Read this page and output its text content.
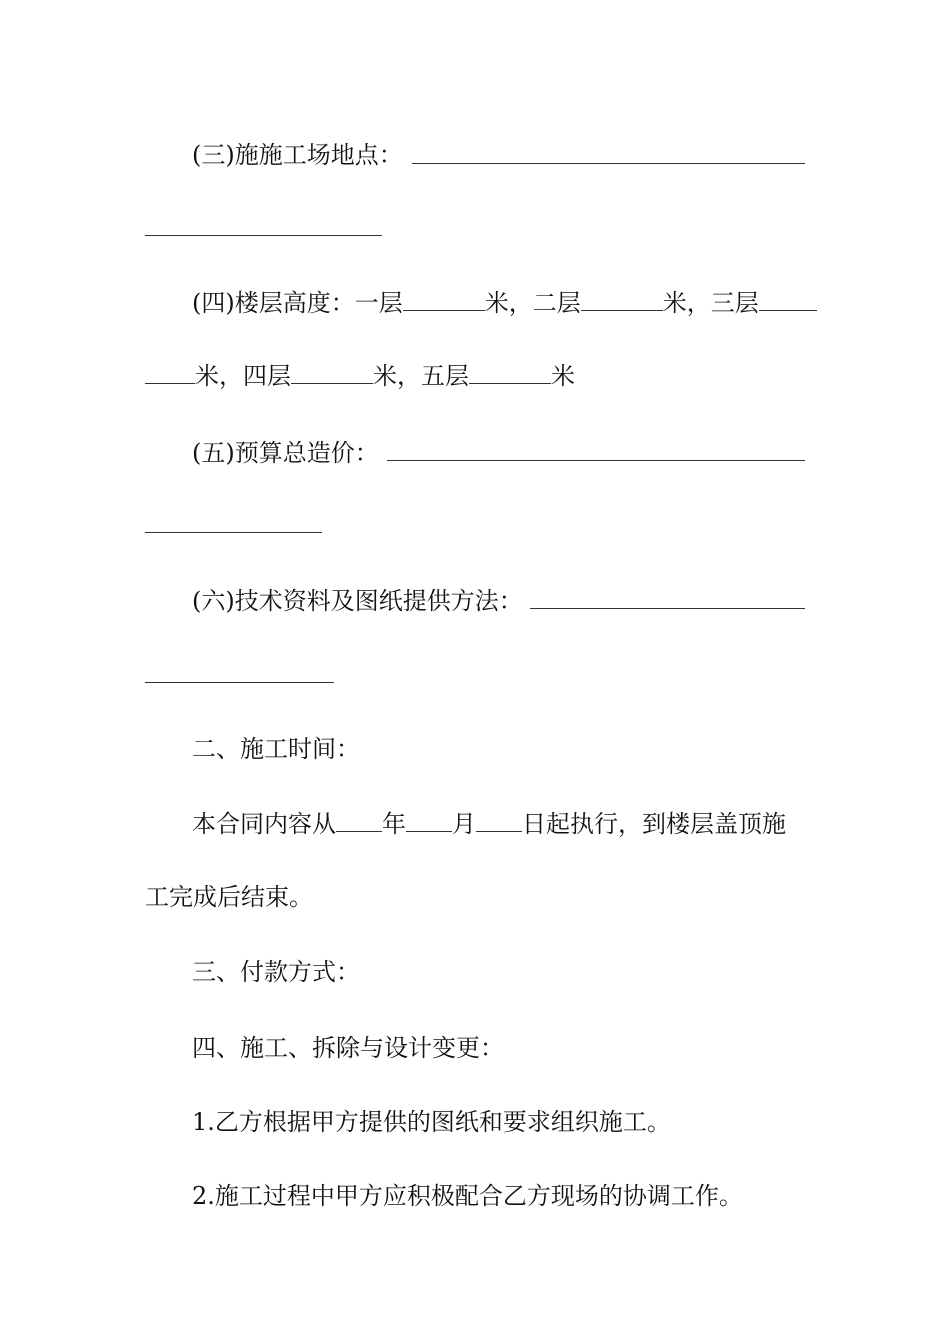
(三)施施工场地点：
(四)楼层高度：一层	米，二层	米，三层
米，四层	米，五层	米
(五)预算总造价：
(六)技术资料及图纸提供方法：
二、施工时间：
本合同内容从 年 月 日起执行，到楼层盖顶施
工完成后结束。
三、付款方式：
四、施工、拆除与设计变更：
1.乙方根据甲方提供的图纸和要求组织施工。
2.施工过程中甲方应积极配合乙方现场的协调工作。
